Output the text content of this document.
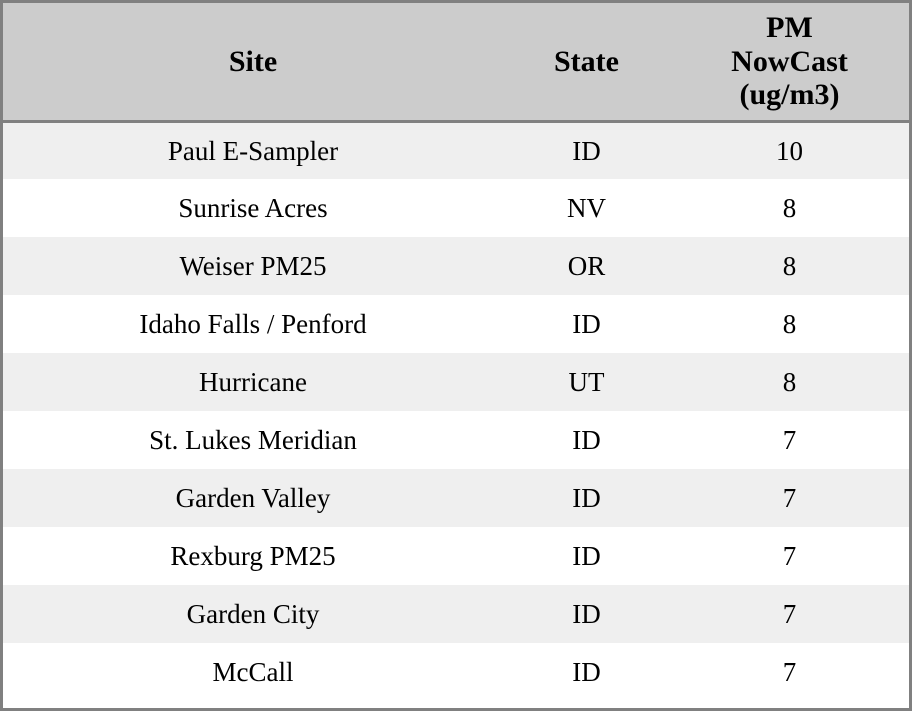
Site	State	PM
NowCast
(ug/m3)

Paul E-Sampler	ID	10
Sunrise Acres	NV	8
Weiser PM25	OR	8
Idaho Falls / Penford	ID	8
Hurricane	UT	8
St. Lukes Meridian	ID	7
Garden Valley	ID	7
Rexburg PM25	ID	7
Garden City	ID	7
McCall	ID	7
